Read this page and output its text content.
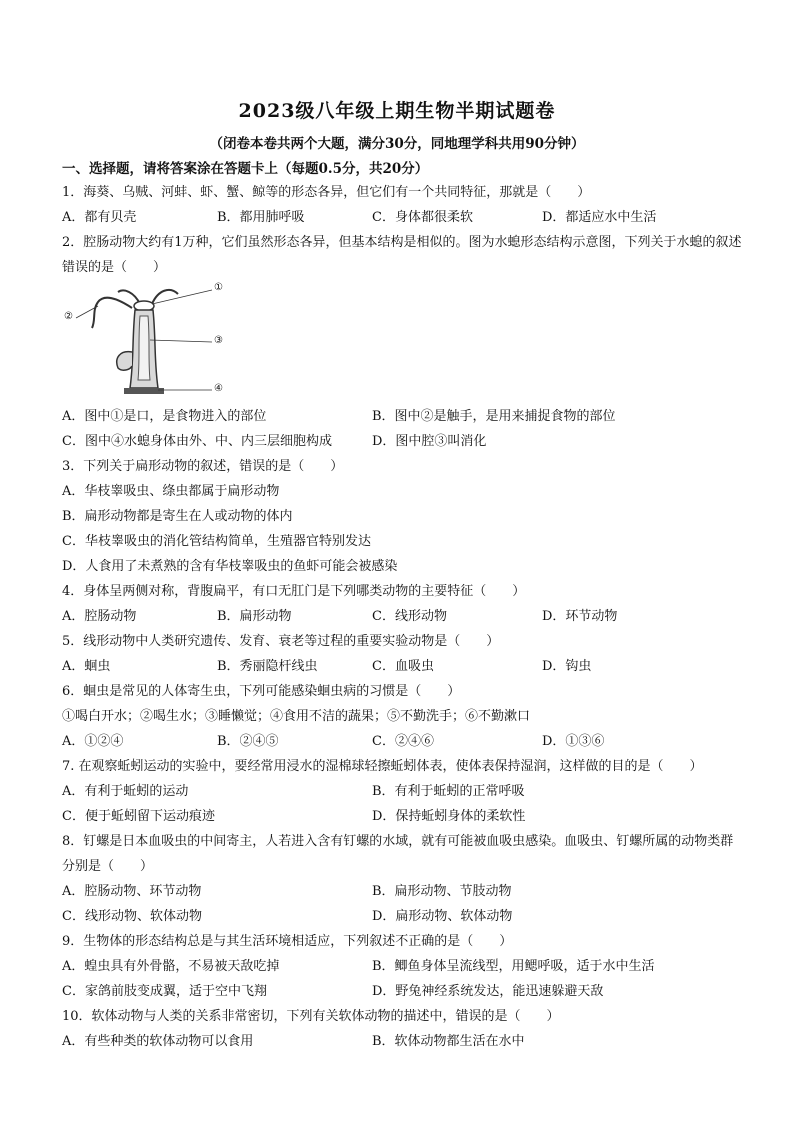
2023级八年级上期生物半期试题卷
（闭卷本卷共两个大题，满分30分，同地理学科共用90分钟）
一、选择题，请将答案涂在答题卡上（每题0.5分，共20分）
1．海葵、乌贼、河蚌、虾、蟹、鲸等的形态各异，但它们有一个共同特征，那就是（　　）
A．都有贝壳	B．都用肺呼吸	C．身体都很柔软	D．都适应水中生活
2．腔肠动物大约有1万种，它们虽然形态各异，但基本结构是相似的。图为水螅形态结构示意图，下列关于水螅的叙述错误的是（　　）
①
②
③
④
A．图中①是口，是食物进入的部位	B．图中②是触手，是用来捕捉食物的部位
C．图中④水螅身体由外、中、内三层细胞构成	D．图中腔③叫消化
3．下列关于扁形动物的叙述，错误的是（　　）
A．华枝睾吸虫、绦虫都属于扁形动物
B．扁形动物都是寄生在人或动物的体内
C．华枝睾吸虫的消化管结构简单，生殖器官特别发达
D．人食用了未煮熟的含有华枝睾吸虫的鱼虾可能会被感染
4．身体呈两侧对称，背腹扁平，有口无肛门是下列哪类动物的主要特征（　　）
A．腔肠动物	B．扁形动物	C．线形动物	D．环节动物
5．线形动物中人类研究遗传、发育、衰老等过程的重要实验动物是（　　）
A．蛔虫	B．秀丽隐杆线虫	C．血吸虫	D．钩虫
6．蛔虫是常见的人体寄生虫，下列可能感染蛔虫病的习惯是（　　）
①喝白开水；②喝生水；③睡懒觉；④食用不洁的蔬果；⑤不勤洗手；⑥不勤漱口
A．①②④	B．②④⑤	C．②④⑥	D．①③⑥
7. 在观察蚯蚓运动的实验中，要经常用浸水的湿棉球轻擦蚯蚓体表，使体表保持湿润，这样做的目的是（　　）
A．有利于蚯蚓的运动	B．有利于蚯蚓的正常呼吸
C．便于蚯蚓留下运动痕迹	D．保持蚯蚓身体的柔软性
8．钉螺是日本血吸虫的中间寄主，人若进入含有钉螺的水域，就有可能被血吸虫感染。血吸虫、钉螺所属的动物类群分别是（　　）
A．腔肠动物、环节动物	B．扁形动物、节肢动物
C．线形动物、软体动物	D．扁形动物、软体动物
9．生物体的形态结构总是与其生活环境相适应，下列叙述不正确的是（　　）
A．蝗虫具有外骨骼，不易被天敌吃掉	B．鲫鱼身体呈流线型，用鳃呼吸，适于水中生活
C．家鸽前肢变成翼，适于空中飞翔	D．野兔神经系统发达，能迅速躲避天敌
10．软体动物与人类的关系非常密切，下列有关软体动物的描述中，错误的是（　　）
A．有些种类的软体动物可以食用	B．软体动物都生活在水中
